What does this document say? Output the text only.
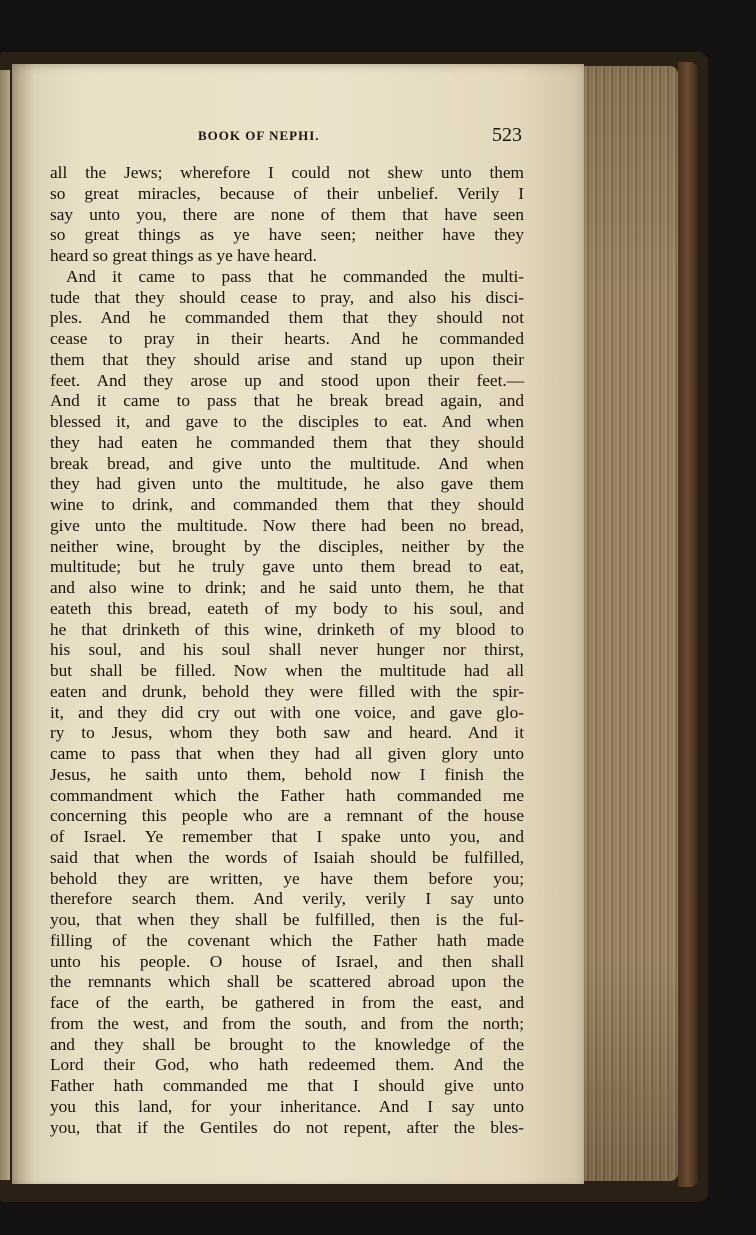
BOOK OF NEPHI.	523
all the Jews; wherefore I could not shew unto them
so great miracles, because of their unbelief. Verily I
say unto you, there are none of them that have seen
so great things as ye have seen; neither have they
heard so great things as ye have heard.
And it came to pass that he commanded the multi-
tude that they should cease to pray, and also his disci-
ples. And he commanded them that they should not
cease to pray in their hearts. And he commanded
them that they should arise and stand up upon their
feet. And they arose up and stood upon their feet.—
And it came to pass that he break bread again, and
blessed it, and gave to the disciples to eat. And when
they had eaten he commanded them that they should
break bread, and give unto the multitude. And when
they had given unto the multitude, he also gave them
wine to drink, and commanded them that they should
give unto the multitude. Now there had been no bread,
neither wine, brought by the disciples, neither by the
multitude; but he truly gave unto them bread to eat,
and also wine to drink; and he said unto them, he that
eateth this bread, eateth of my body to his soul, and
he that drinketh of this wine, drinketh of my blood to
his soul, and his soul shall never hunger nor thirst,
but shall be filled. Now when the multitude had all
eaten and drunk, behold they were filled with the spir-
it, and they did cry out with one voice, and gave glo-
ry to Jesus, whom they both saw and heard. And it
came to pass that when they had all given glory unto
Jesus, he saith unto them, behold now I finish the
commandment which the Father hath commanded me
concerning this people who are a remnant of the house
of Israel. Ye remember that I spake unto you, and
said that when the words of Isaiah should be fulfilled,
behold they are written, ye have them before you;
therefore search them. And verily, verily I say unto
you, that when they shall be fulfilled, then is the ful-
filling of the covenant which the Father hath made
unto his people. O house of Israel, and then shall
the remnants which shall be scattered abroad upon the
face of the earth, be gathered in from the east, and
from the west, and from the south, and from the north;
and they shall be brought to the knowledge of the
Lord their God, who hath redeemed them. And the
Father hath commanded me that I should give unto
you this land, for your inheritance. And I say unto
you, that if the Gentiles do not repent, after the bles-
